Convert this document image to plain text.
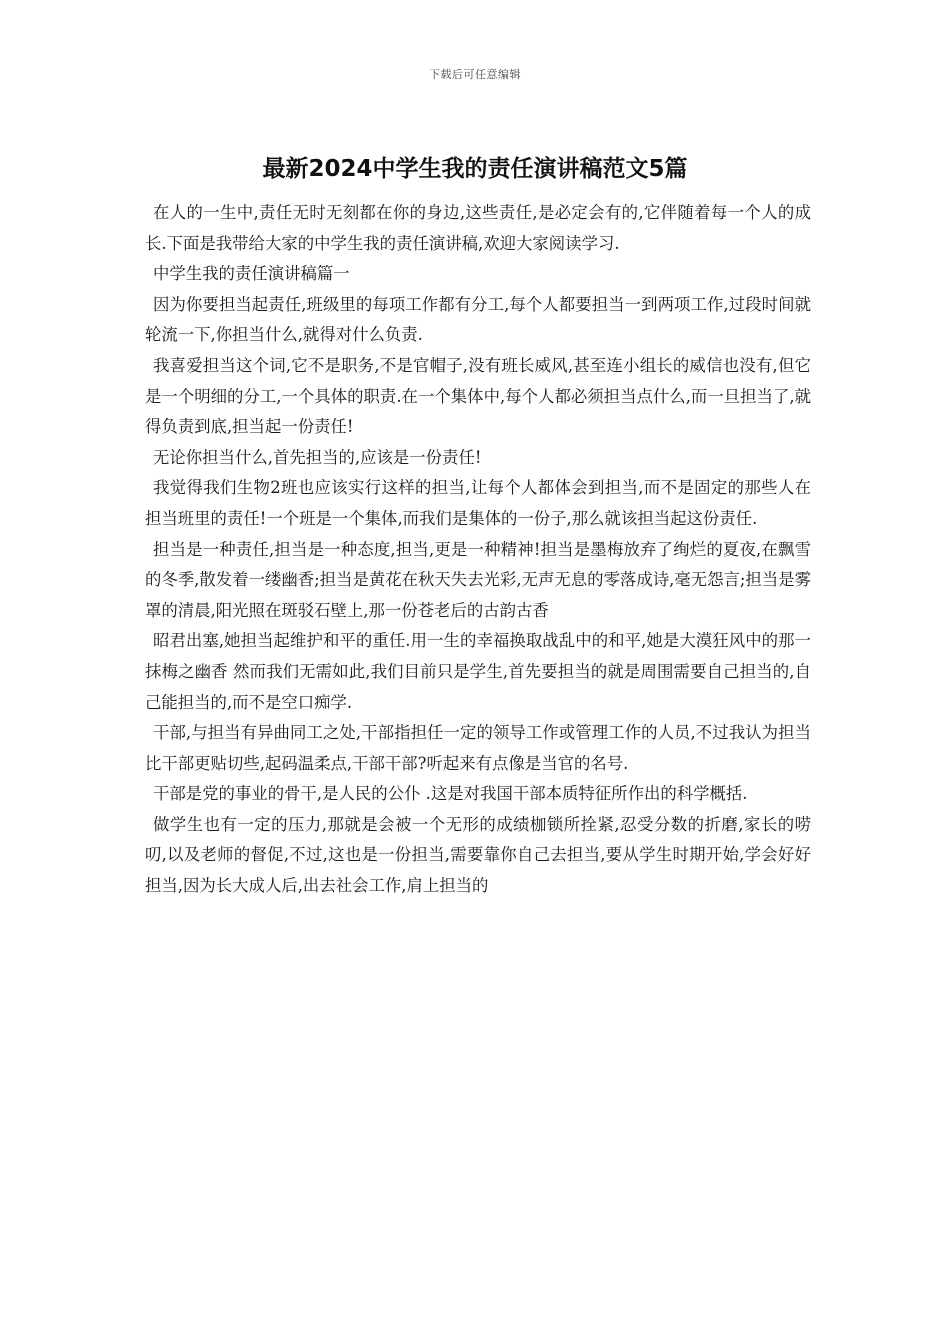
下载后可任意编辑
最新2024中学生我的责任演讲稿范文5篇

在人的一生中,责任无时无刻都在你的身边,这些责任,是必定会有的,它伴随着每一个人的成长.下面是我带给大家的中学生我的责任演讲稿,欢迎大家阅读学习.

中学生我的责任演讲稿篇一

因为你要担当起责任,班级里的每项工作都有分工,每个人都要担当一到两项工作,过段时间就轮流一下,你担当什么,就得对什么负责.

我喜爱担当这个词,它不是职务,不是官帽子,没有班长威风,甚至连小组长的威信也没有,但它是一个明细的分工,一个具体的职责.在一个集体中,每个人都必须担当点什么,而一旦担当了,就得负责到底,担当起一份责任!

无论你担当什么,首先担当的,应该是一份责任!

我觉得我们生物2班也应该实行这样的担当,让每个人都体会到担当,而不是固定的那些人在担当班里的责任!一个班是一个集体,而我们是集体的一份子,那么就该担当起这份责任.

担当是一种责任,担当是一种态度,担当,更是一种精神!担当是墨梅放弃了绚烂的夏夜,在飘雪的冬季,散发着一缕幽香;担当是黄花在秋天失去光彩,无声无息的零落成诗,毫无怨言;担当是雾罩的清晨,阳光照在斑驳石壁上,那一份苍老后的古韵古香

昭君出塞,她担当起维护和平的重任.用一生的幸福换取战乱中的和平,她是大漠狂风中的那一抹梅之幽香 然而我们无需如此,我们目前只是学生,首先要担当的就是周围需要自己担当的,自己能担当的,而不是空口痴学.

干部,与担当有异曲同工之处,干部指担任一定的领导工作或管理工作的人员,不过我认为担当比干部更贴切些,起码温柔点,干部干部?听起来有点像是当官的名号.

干部是党的事业的骨干,是人民的公仆 .这是对我国干部本质特征所作出的科学概括.

做学生也有一定的压力,那就是会被一个无形的成绩枷锁所拴紧,忍受分数的折磨,家长的唠叨,以及老师的督促,不过,这也是一份担当,需要靠你自己去担当,要从学生时期开始,学会好好担当,因为长大成人后,出去社会工作,肩上担当的
